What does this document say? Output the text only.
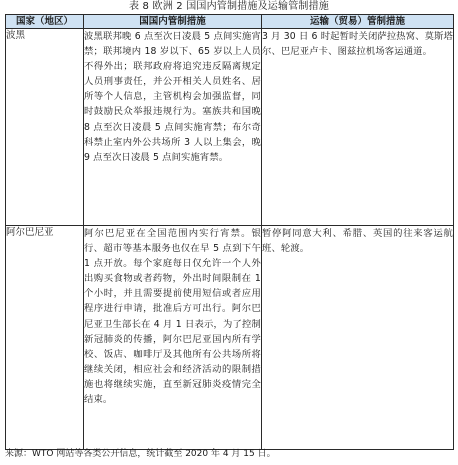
表 8 欧洲 2 国国内管制措施及运输管制措施
国家（地区）	国国内管制措施	运输（贸易）管制措施
波黑	波黑联邦晚 6 点至次日凌晨 5 点间实施宵禁；联邦境内 18 岁以下、65 岁以上人员不得外出；联邦政府将追究违反隔离规定人员刑事责任，并公开相关人员姓名、居所等个人信息，主管机构会加强监督，同时鼓励民众举报违规行为。塞族共和国晚 8 点至次日凌晨 5 点间实施宵禁；布尔奇科禁止室内外公共场所 3 人以上集会，晚 9 点至次日凌晨 5 点间实施宵禁。	3 月 30 日 6 时起暂时关闭萨拉热窝、莫斯塔尔、巴尼亚卢卡、图兹拉机场客运通道。

阿尔巴尼亚	阿尔巴尼亚在全国范围内实行宵禁。银行、超市等基本服务也仅在早 5 点到下午 1 点开放。每个家庭每日仅允许一个人外出购买食物或者药物，外出时间限制在 1 个小时，并且需要提前使用短信或者应用程序进行申请，批准后方可出行。阿尔巴尼亚卫生部长在 4 月 1 日表示，为了控制新冠肺炎的传播，阿尔巴尼亚国内所有学校、饭店、咖啡厅及其他所有公共场所将继续关闭，相应社会和经济活动的限制措施也将继续实施，直至新冠肺炎疫情完全结束。	暂停阿同意大利、希腊、英国的往来客运航班、轮渡。
来源：WTO 网站等各类公开信息，统计截至 2020 年 4 月 15 日。
